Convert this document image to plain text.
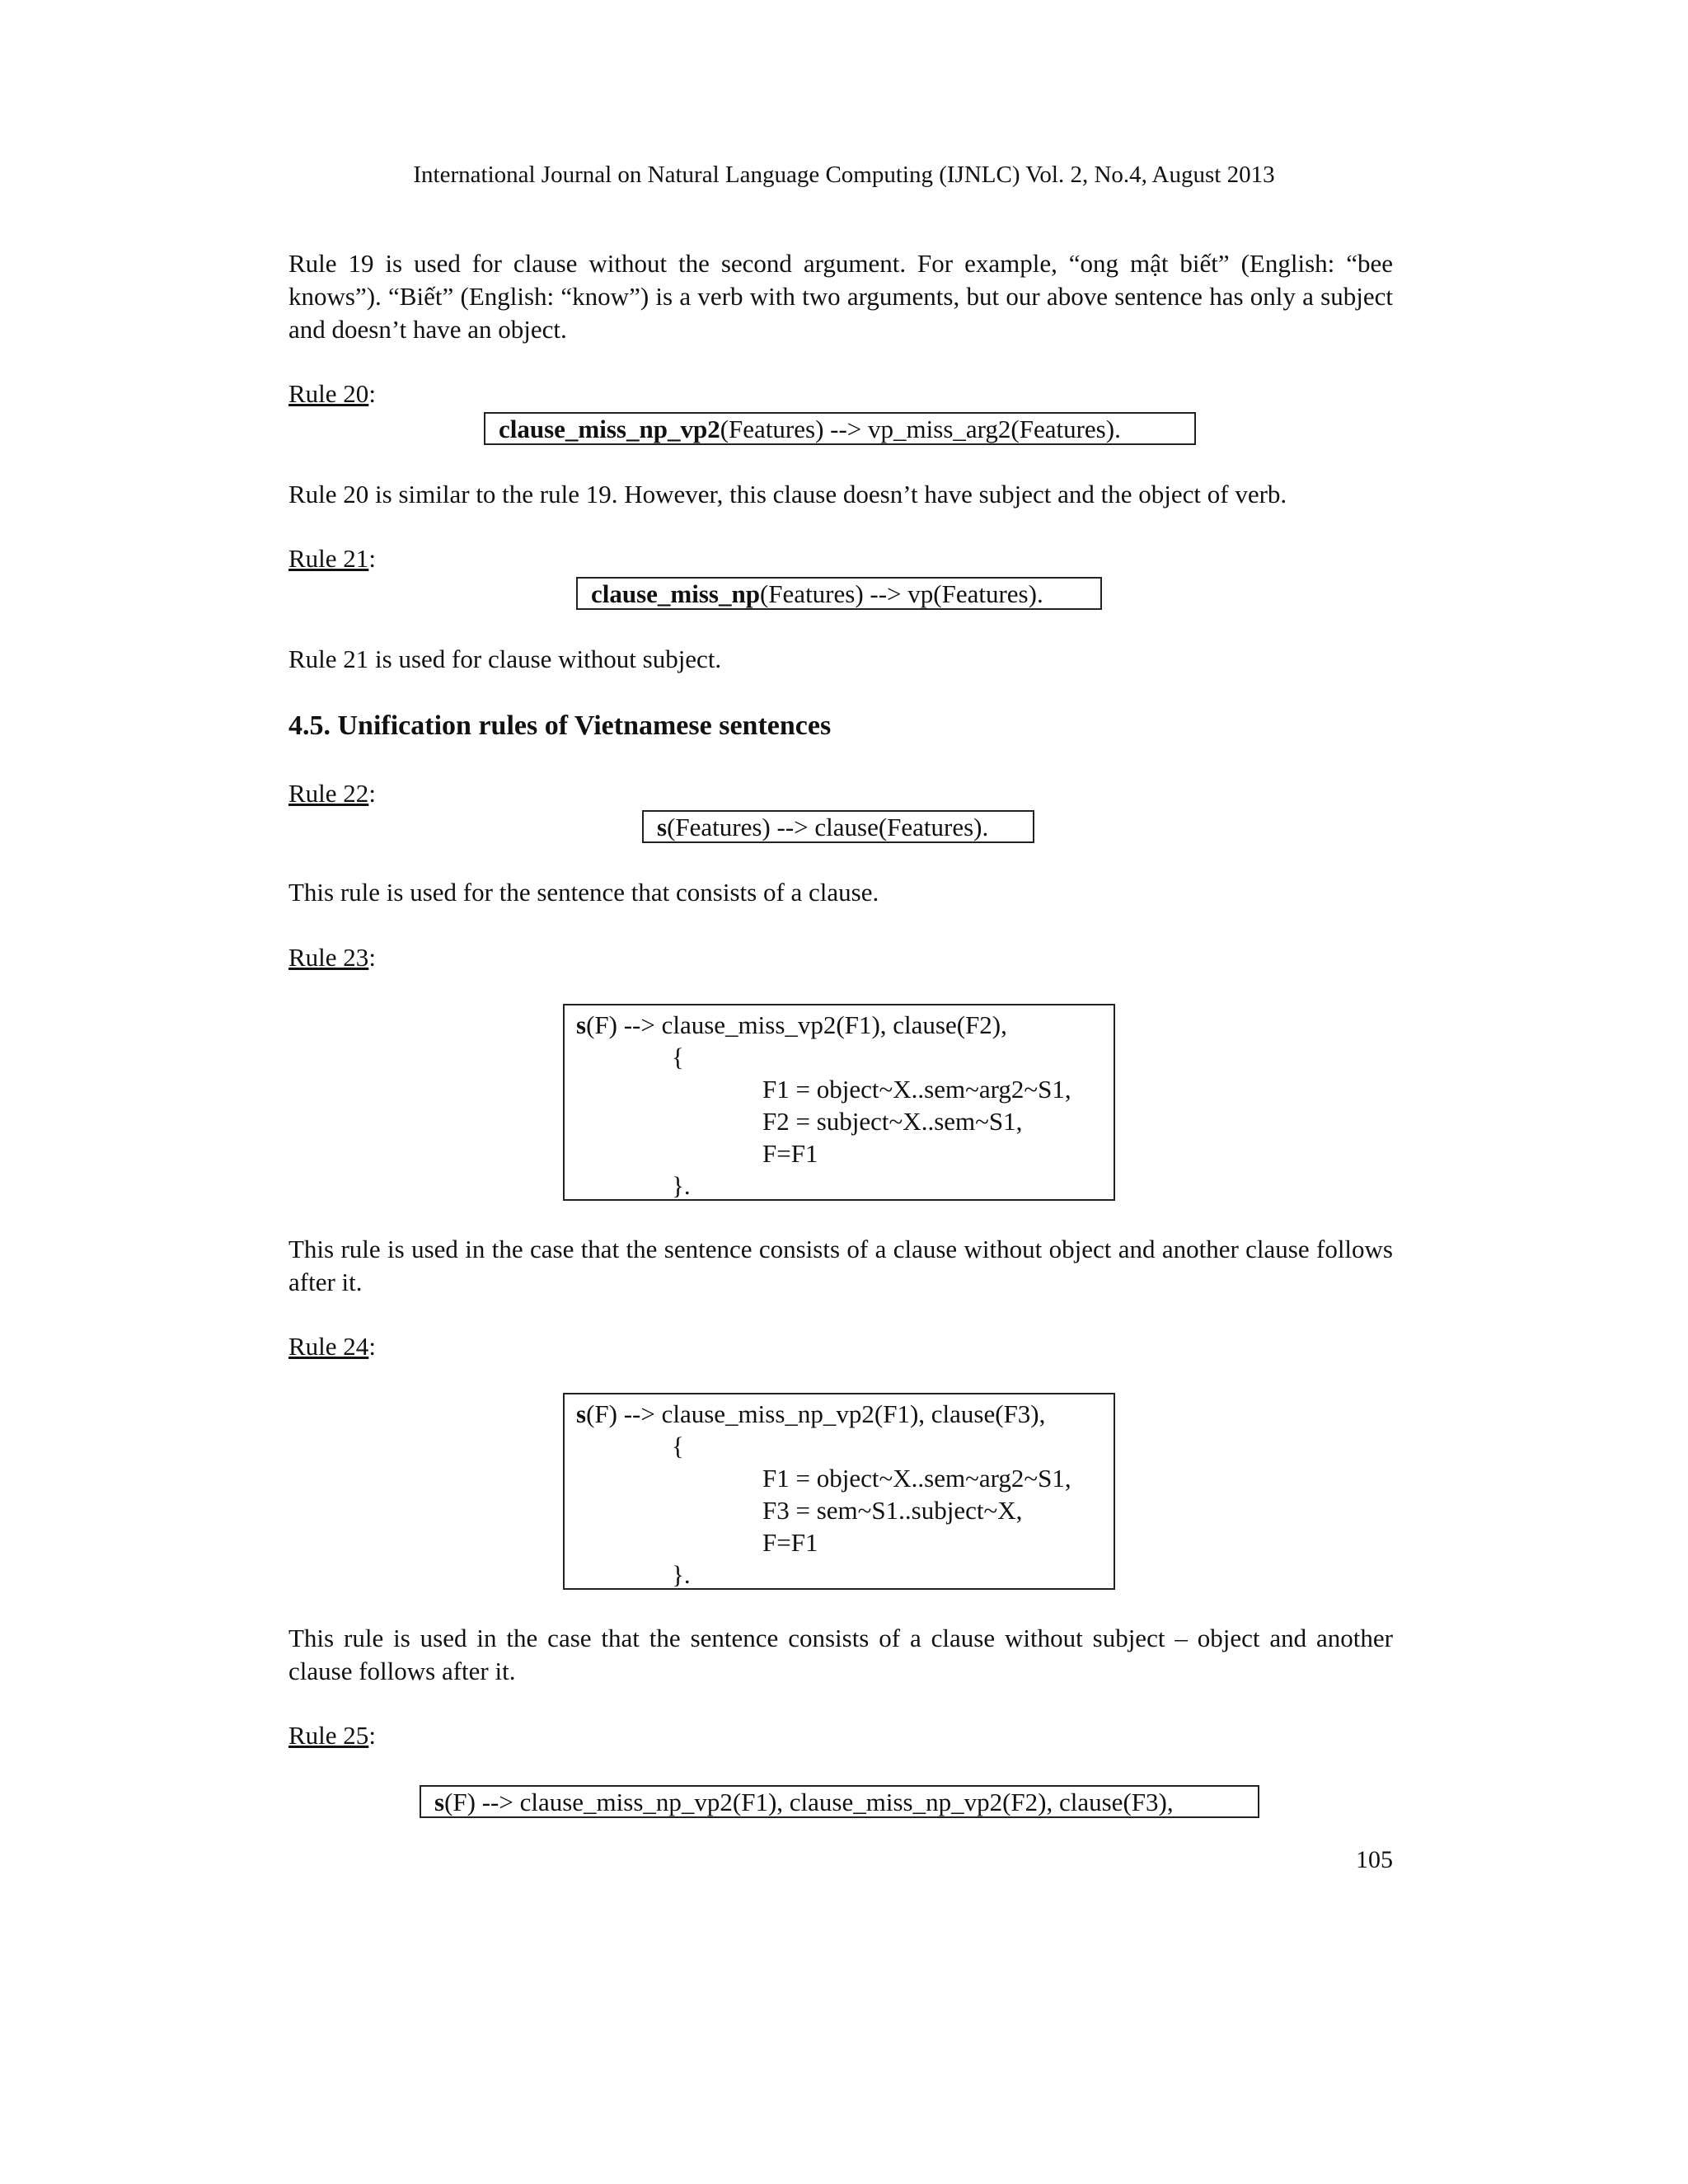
International Journal on Natural Language Computing (IJNLC) Vol. 2, No.4, August 2013
Rule 19 is used for clause without the second argument. For example, “ong mật biết” (English: “bee knows”). “Biết” (English: “know”) is a verb with two arguments, but our above sentence has only a subject and doesn’t have an object.
Rule 20:
clause_miss_np_vp2(Features) --> vp_miss_arg2(Features).
Rule 20 is similar to the rule 19. However, this clause doesn’t have subject and the object of verb.
Rule 21:
clause_miss_np(Features) --> vp(Features).
Rule 21 is used for clause without subject.
4.5. Unification rules of Vietnamese sentences
Rule 22:
s(Features) --> clause(Features).
This rule is used for the sentence that consists of a clause.
Rule 23:
s(F) --> clause_miss_vp2(F1), clause(F2),
{
F1 = object~X..sem~arg2~S1,
F2 = subject~X..sem~S1,
F=F1
}.
This rule is used in the case that the sentence consists of a clause without object and another clause follows after it.
Rule 24:
s(F) --> clause_miss_np_vp2(F1), clause(F3),
{
F1 = object~X..sem~arg2~S1,
F3 = sem~S1..subject~X,
F=F1
}.
This rule is used in the case that the sentence consists of a clause without subject – object and another clause follows after it.
Rule 25:
s(F) --> clause_miss_np_vp2(F1), clause_miss_np_vp2(F2), clause(F3),
105
